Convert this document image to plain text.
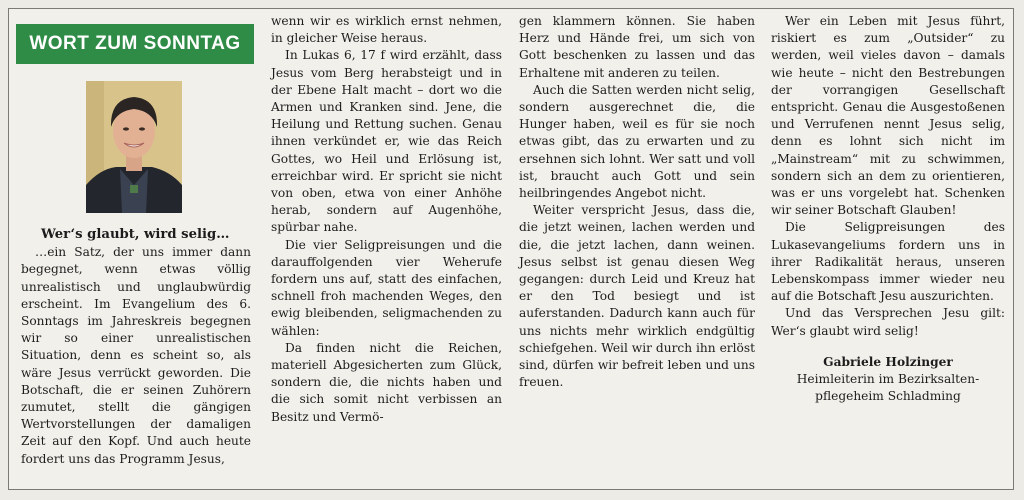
WORT ZUM SONNTAG
Wer‘s glaubt, wird selig…

…ein Satz, der uns immer dann begegnet, wenn etwas völlig unrealistisch und unglaubwürdig erscheint. Im Evangelium des 6. Sonntags im Jahreskreis begegnen wir so einer unrealistischen Situation, denn es scheint so, als wäre Jesus verrückt geworden. Die Botschaft, die er seinen Zuhörern zumutet, stellt die gängigen Wertvorstellungen der damaligen Zeit auf den Kopf. Und auch heute fordert uns das Programm Jesus,

wenn wir es wirklich ernst nehmen, in gleicher Weise heraus.

In Lukas 6, 17 f wird erzählt, dass Jesus vom Berg herabsteigt und in der Ebene Halt macht – dort wo die Armen und Kranken sind. Jene, die Heilung und Rettung suchen. Genau ihnen verkündet er, wie das Reich Gottes, wo Heil und Erlösung ist, erreichbar wird. Er spricht sie nicht von oben, etwa von einer Anhöhe herab, sondern auf Augenhöhe, spürbar nahe.

Die vier Seligpreisungen und die darauffolgenden vier Weherufe fordern uns auf, statt des einfachen, schnell froh machenden Weges, den ewig bleibenden, seligmachenden zu wählen:

Da finden nicht die Reichen, materiell Abgesicherten zum Glück, sondern die, die nichts haben und die sich somit nicht verbissen an Besitz und Vermö-

gen klammern können. Sie haben Herz und Hände frei, um sich von Gott beschenken zu lassen und das Erhaltene mit anderen zu teilen.

Auch die Satten werden nicht selig, sondern ausgerechnet die, die Hunger haben, weil es für sie noch etwas gibt, das zu erwarten und zu ersehnen sich lohnt. Wer satt und voll ist, braucht auch Gott und sein heilbringendes Angebot nicht.

Weiter verspricht Jesus, dass die, die jetzt weinen, lachen werden und die, die jetzt lachen, dann weinen. Jesus selbst ist genau diesen Weg gegangen: durch Leid und Kreuz hat er den Tod besiegt und ist auferstanden. Dadurch kann auch für uns nichts mehr wirklich endgültig schiefgehen. Weil wir durch ihn erlöst sind, dürfen wir befreit leben und uns freuen.

Wer ein Leben mit Jesus führt, riskiert es zum „Outsider“ zu werden, weil vieles davon – damals wie heute – nicht den Bestrebungen der vorrangigen Gesellschaft entspricht. Genau die Ausgestoßenen und Verrufenen nennt Jesus selig, denn es lohnt sich nicht im „Mainstream“ mit zu schwimmen, sondern sich an dem zu orientieren, was er uns vorgelebt hat. Schenken wir seiner Botschaft Glauben!

Die Seligpreisungen des Lukasevangeliums fordern uns in ihrer Radikalität heraus, unseren Lebenskompass immer wieder neu auf die Botschaft Jesu auszurichten.

Und das Versprechen Jesu gilt: Wer‘s glaubt wird selig!

Gabriele Holzinger
Heimleiterin im Bezirksalten-
pflegeheim Schladming
